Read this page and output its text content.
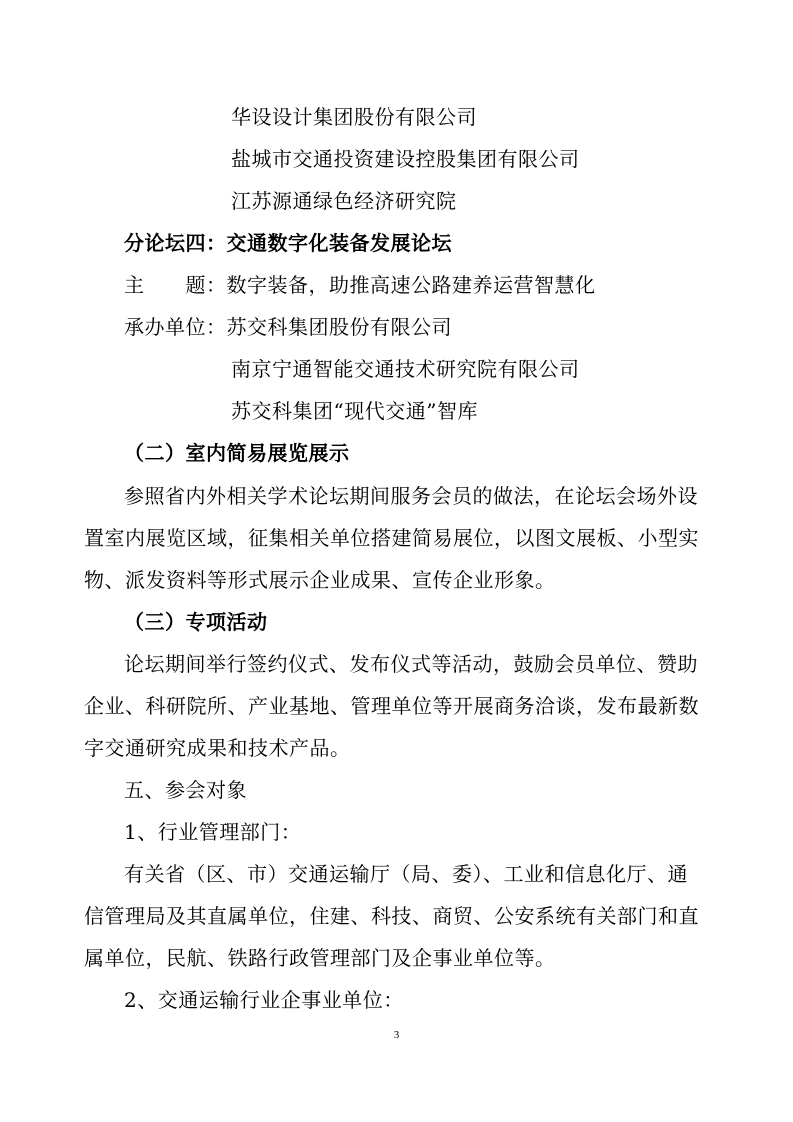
华设设计集团股份有限公司
盐城市交通投资建设控股集团有限公司
江苏源通绿色经济研究院
分论坛四：交通数字化装备发展论坛
主　　题：数字装备，助推高速公路建养运营智慧化
承办单位：苏交科集团股份有限公司
南京宁通智能交通技术研究院有限公司
苏交科集团“现代交通”智库
（二）室内简易展览展示
参照省内外相关学术论坛期间服务会员的做法，在论坛会场外设
置室内展览区域，征集相关单位搭建简易展位，以图文展板、小型实
物、派发资料等形式展示企业成果、宣传企业形象。
（三）专项活动
论坛期间举行签约仪式、发布仪式等活动，鼓励会员单位、赞助
企业、科研院所、产业基地、管理单位等开展商务洽谈，发布最新数
字交通研究成果和技术产品。
五、参会对象
1、行业管理部门：
有关省（区、市）交通运输厅（局、委）、工业和信息化厅、通
信管理局及其直属单位，住建、科技、商贸、公安系统有关部门和直
属单位，民航、铁路行政管理部门及企事业单位等。
2、交通运输行业企事业单位：
3
